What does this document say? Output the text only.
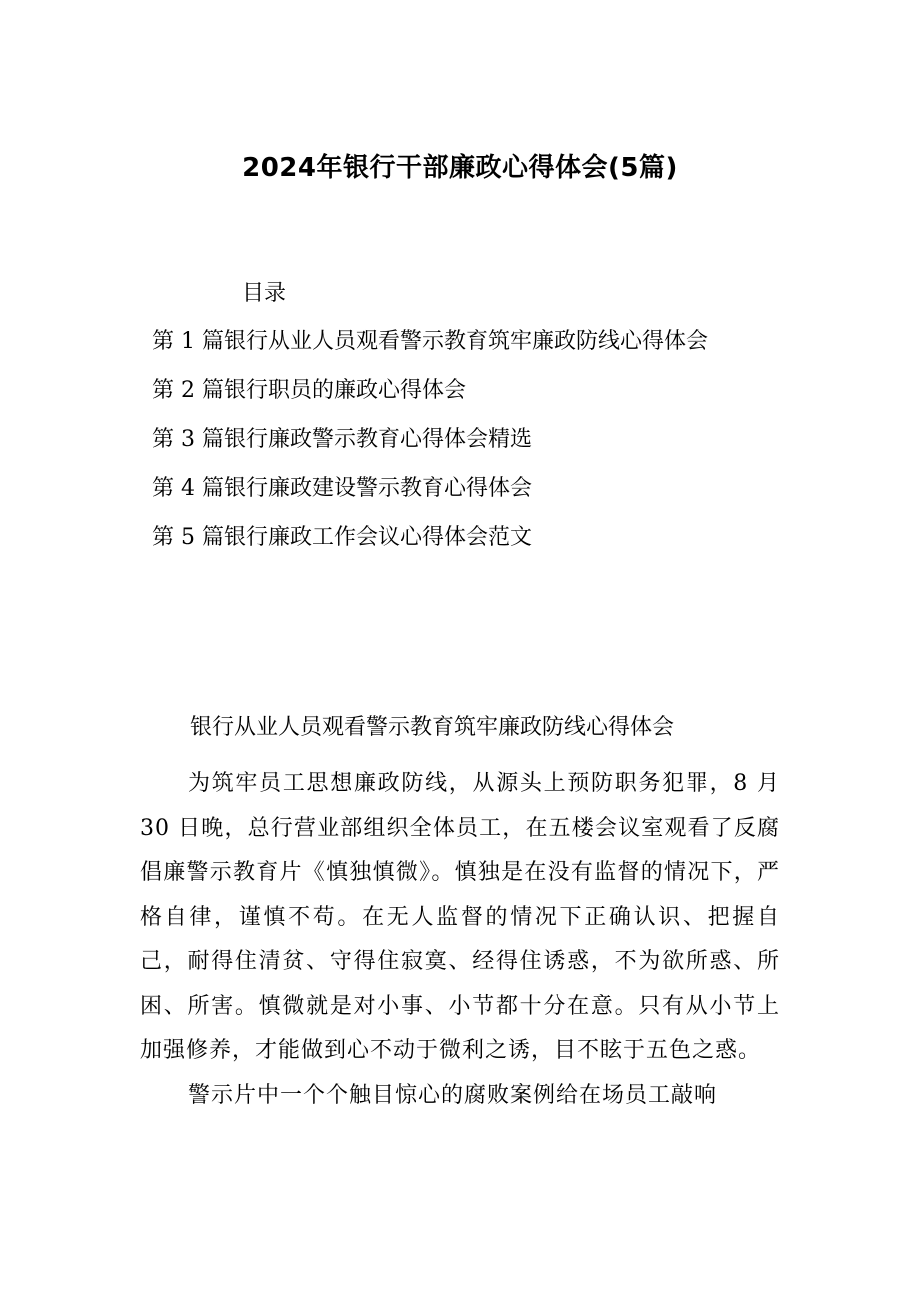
2024年银行干部廉政心得体会(5篇)
目录
第 1 篇银行从业人员观看警示教育筑牢廉政防线心得体会
第 2 篇银行职员的廉政心得体会
第 3 篇银行廉政警示教育心得体会精选
第 4 篇银行廉政建设警示教育心得体会
第 5 篇银行廉政工作会议心得体会范文
银行从业人员观看警示教育筑牢廉政防线心得体会

为筑牢员工思想廉政防线，从源头上预防职务犯罪，8 月 30 日晚，总行营业部组织全体员工，在五楼会议室观看了反腐倡廉警示教育片《慎独慎微》。慎独是在没有监督的情况下，严格自律，谨慎不苟。在无人监督的情况下正确认识、把握自己，耐得住清贫、守得住寂寞、经得住诱惑，不为欲所惑、所困、所害。慎微就是对小事、小节都十分在意。只有从小节上加强修养，才能做到心不动于微利之诱，目不眩于五色之惑。

警示片中一个个触目惊心的腐败案例给在场员工敲响
